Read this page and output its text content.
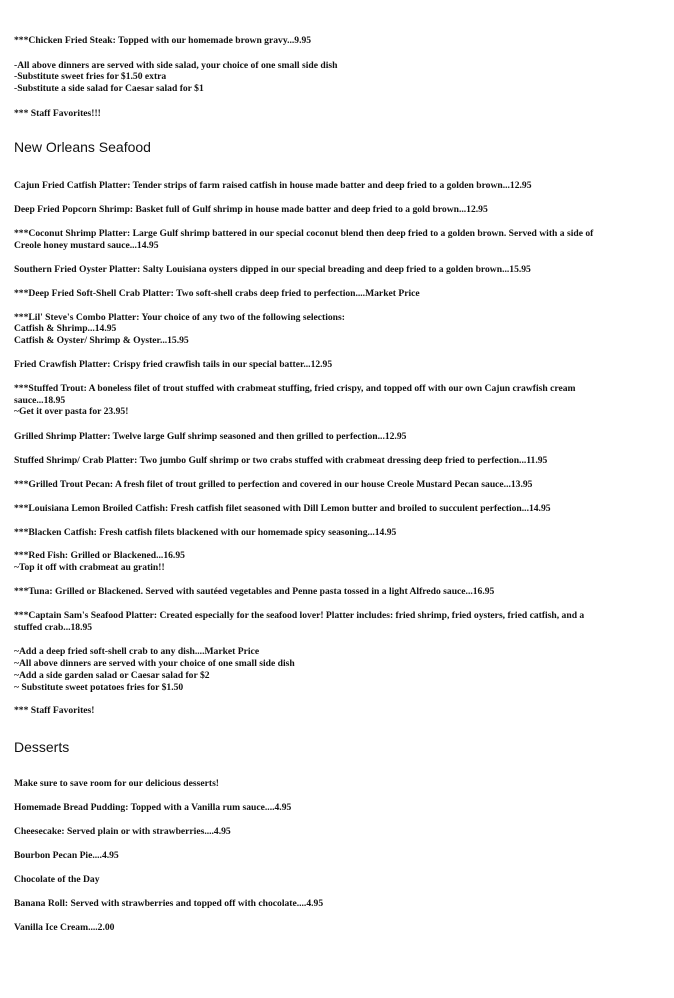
***Chicken Fried Steak: Topped with our homemade brown gravy...9.95
-All above dinners are served with side salad, your choice of one small side dish
-Substitute sweet fries for $1.50 extra
-Substitute a side salad for Caesar salad for $1
*** Staff Favorites!!!
New Orleans Seafood
Cajun Fried Catfish Platter: Tender strips of farm raised catfish in house made batter and deep fried to a golden brown...12.95
Deep Fried Popcorn Shrimp: Basket full of Gulf shrimp in house made batter and deep fried to a gold brown...12.95
***Coconut Shrimp Platter: Large Gulf shrimp battered in our special coconut blend then deep fried to a golden brown. Served with a side of
Creole honey mustard sauce...14.95
Southern Fried Oyster Platter: Salty Louisiana oysters dipped in our special breading and deep fried to a golden brown...15.95
***Deep Fried Soft-Shell Crab Platter: Two soft-shell crabs deep fried to perfection....Market Price
***Lil' Steve's Combo Platter: Your choice of any two of the following selections:
Catfish & Shrimp...14.95
Catfish & Oyster/ Shrimp & Oyster...15.95
Fried Crawfish Platter: Crispy fried crawfish tails in our special batter...12.95
***Stuffed Trout: A boneless filet of trout stuffed with crabmeat stuffing, fried crispy, and topped off with our own Cajun crawfish cream
sauce...18.95
~Get it over pasta for 23.95!
Grilled Shrimp Platter: Twelve large Gulf shrimp seasoned and then grilled to perfection...12.95
Stuffed Shrimp/ Crab Platter: Two jumbo Gulf shrimp or two crabs stuffed with crabmeat dressing deep fried to perfection...11.95
***Grilled Trout Pecan: A fresh filet of trout grilled to perfection and covered in our house Creole Mustard Pecan sauce...13.95
***Louisiana Lemon Broiled Catfish: Fresh catfish filet seasoned with Dill Lemon butter and broiled to succulent perfection...14.95
***Blacken Catfish: Fresh catfish filets blackened with our homemade spicy seasoning...14.95
***Red Fish: Grilled or Blackened...16.95
~Top it off with crabmeat au gratin!!
***Tuna: Grilled or Blackened. Served with sautéed vegetables and Penne pasta tossed in a light Alfredo sauce...16.95
***Captain Sam's Seafood Platter: Created especially for the seafood lover! Platter includes: fried shrimp, fried oysters, fried catfish, and a
stuffed crab...18.95
~Add a deep fried soft-shell crab to any dish....Market Price
~All above dinners are served with your choice of one small side dish
~Add a side garden salad or Caesar salad for $2
~ Substitute sweet potatoes fries for $1.50
*** Staff Favorites!
Desserts
Make sure to save room for our delicious desserts!
Homemade Bread Pudding: Topped with a Vanilla rum sauce....4.95
Cheesecake: Served plain or with strawberries....4.95
Bourbon Pecan Pie....4.95
Chocolate of the Day
Banana Roll: Served with strawberries and topped off with chocolate....4.95
Vanilla Ice Cream....2.00
